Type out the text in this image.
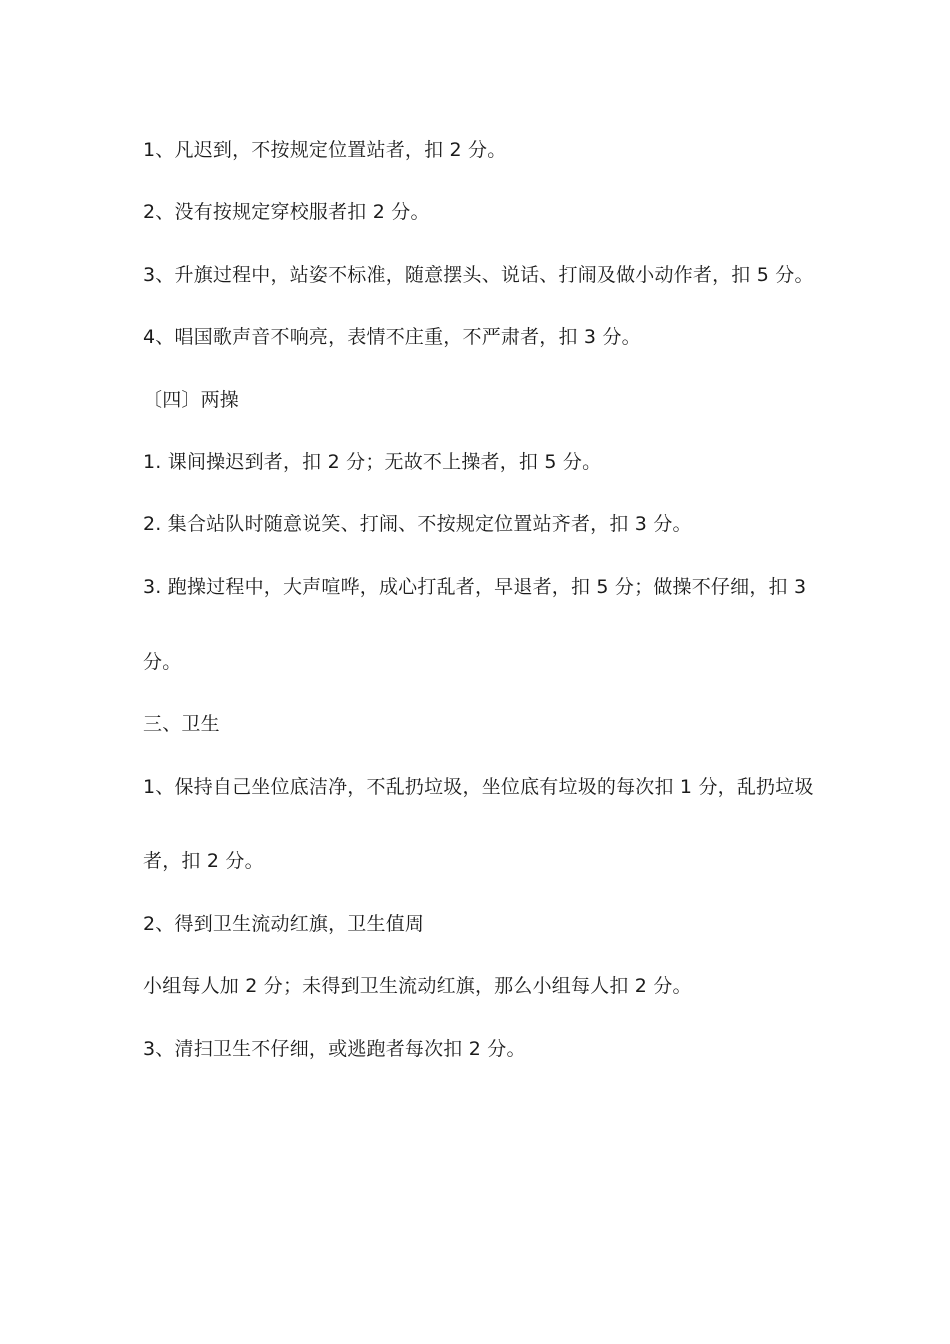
1、凡迟到，不按规定位置站者，扣 2 分。
2、没有按规定穿校服者扣 2 分。
3、升旗过程中，站姿不标准，随意摆头、说话、打闹及做小动作者，扣 5 分。
4、唱国歌声音不响亮，表情不庄重，不严肃者，扣 3 分。
〔四〕两操
1. 课间操迟到者，扣 2 分；无故不上操者，扣 5 分。
2. 集合站队时随意说笑、打闹、不按规定位置站齐者，扣 3 分。
3. 跑操过程中，大声喧哗，成心打乱者，早退者，扣 5 分；做操不仔细，扣 3
分。
三、卫生
1、保持自己坐位底洁净，不乱扔垃圾，坐位底有垃圾的每次扣 1 分，乱扔垃圾
者，扣 2 分。
2、得到卫生流动红旗，卫生值周
小组每人加 2 分；未得到卫生流动红旗，那么小组每人扣 2 分。
3、清扫卫生不仔细，或逃跑者每次扣 2 分。
